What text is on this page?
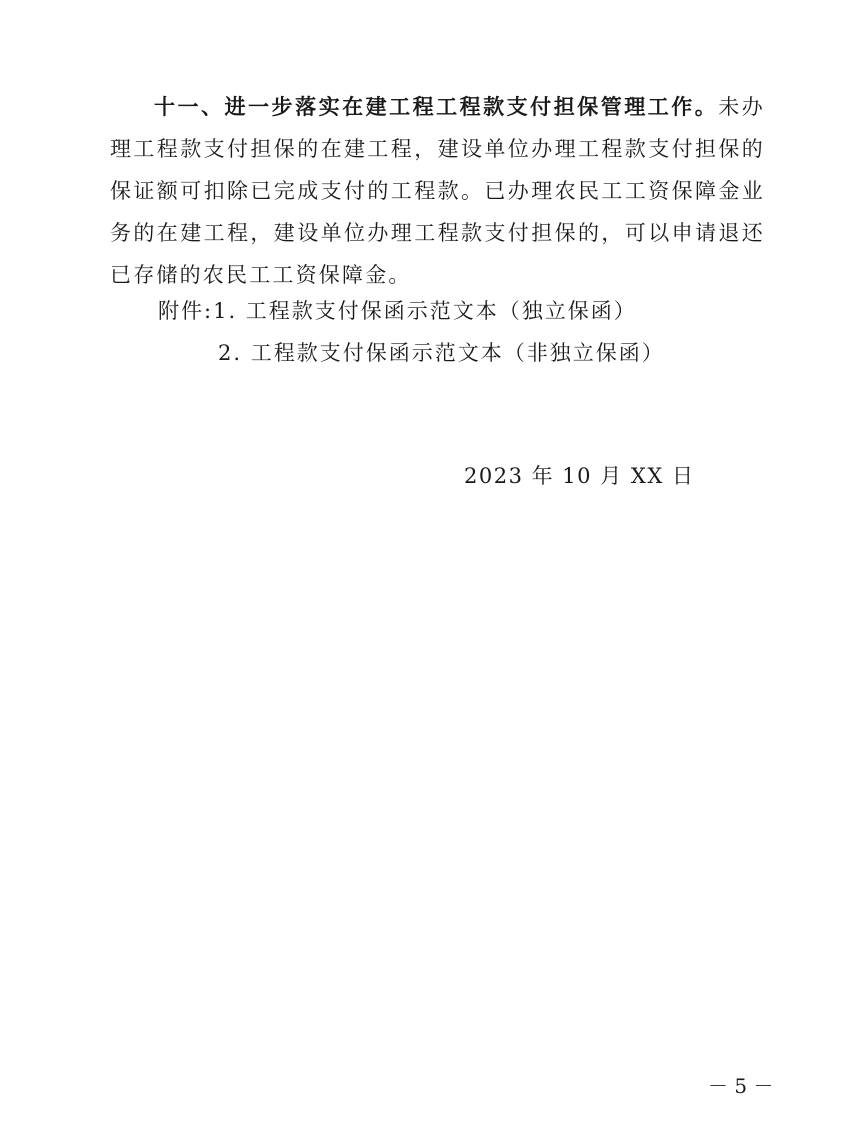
十一、进一步落实在建工程工程款支付担保管理工作。未办理工程款支付担保的在建工程，建设单位办理工程款支付担保的保证额可扣除已完成支付的工程款。已办理农民工工资保障金业务的在建工程，建设单位办理工程款支付担保的，可以申请退还已存储的农民工工资保障金。

附件:1. 工程款支付保函示范文本（独立保函）
2. 工程款支付保函示范文本（非独立保函）
2023 年 10 月 XX 日
－ 5 －
